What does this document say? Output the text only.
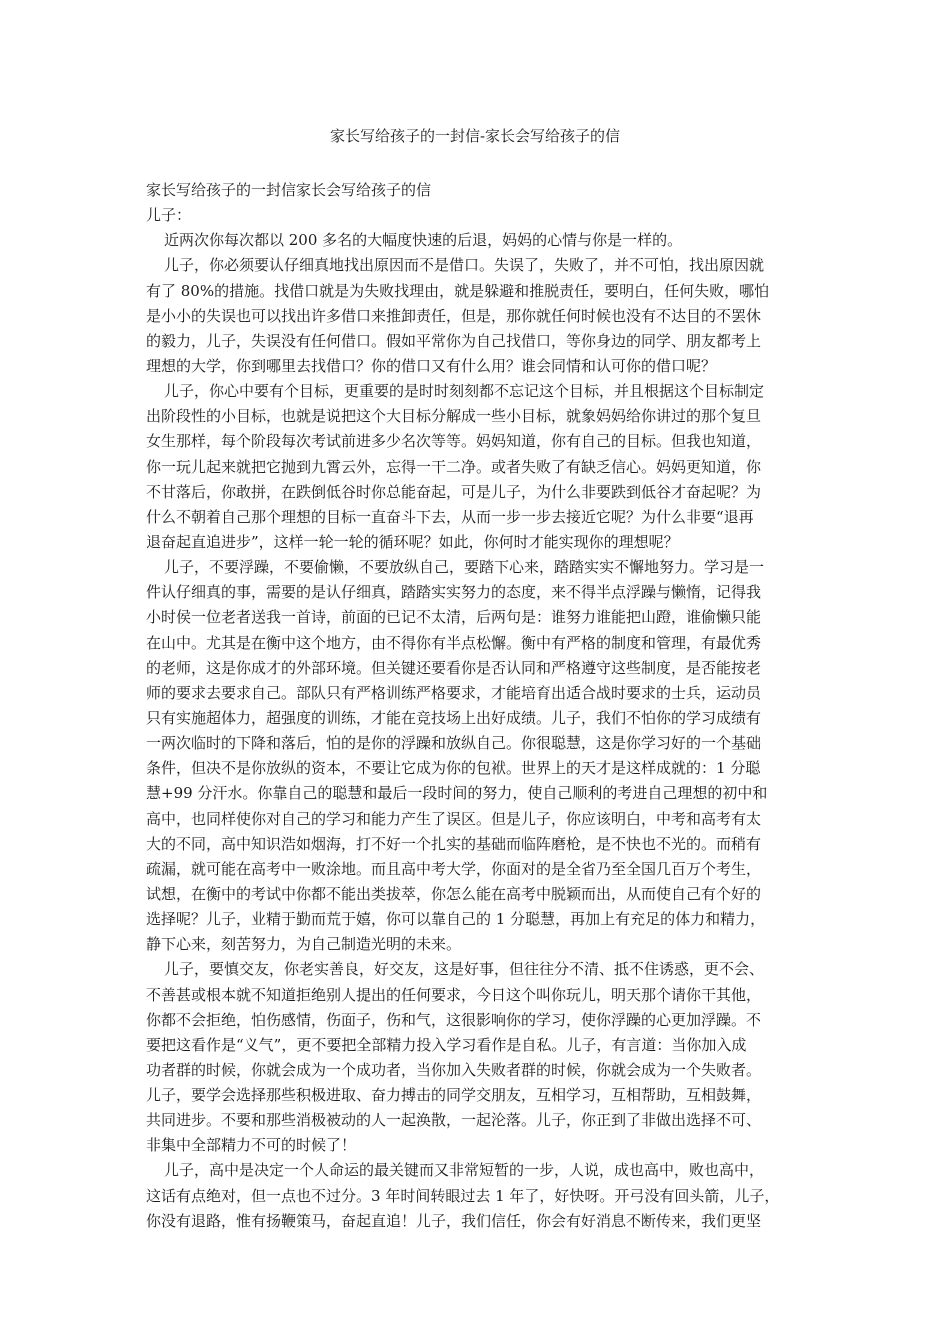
家长写给孩子的一封信-家长会写给孩子的信
家长写给孩子的一封信家长会写给孩子的信
儿子：
近两次你每次都以 200 多名的大幅度快速的后退，妈妈的心情与你是一样的。
儿子，你必须要认仔细真地找出原因而不是借口。失误了，失败了，并不可怕，找出原因就
有了 80%的措施。找借口就是为失败找理由，就是躲避和推脱责任，要明白，任何失败，哪怕
是小小的失误也可以找出许多借口来推卸责任，但是，那你就任何时候也没有不达目的不罢休
的毅力，儿子，失误没有任何借口。假如平常你为自己找借口，等你身边的同学、朋友都考上
理想的大学，你到哪里去找借口？你的借口又有什么用？谁会同情和认可你的借口呢？
儿子，你心中要有个目标，更重要的是时时刻刻都不忘记这个目标，并且根据这个目标制定
出阶段性的小目标，也就是说把这个大目标分解成一些小目标，就象妈妈给你讲过的那个复旦
女生那样，每个阶段每次考试前进多少名次等等。妈妈知道，你有自己的目标。但我也知道，
你一玩儿起来就把它抛到九霄云外，忘得一干二净。或者失败了有缺乏信心。妈妈更知道，你
不甘落后，你敢拼，在跌倒低谷时你总能奋起，可是儿子，为什么非要跌到低谷才奋起呢？为
什么不朝着自己那个理想的目标一直奋斗下去，从而一步一步去接近它呢？为什么非要“退再
退奋起直追进步”，这样一轮一轮的循环呢？如此，你何时才能实现你的理想呢？
儿子，不要浮躁，不要偷懒，不要放纵自己，要踏下心来，踏踏实实不懈地努力。学习是一
件认仔细真的事，需要的是认仔细真，踏踏实实努力的态度，来不得半点浮躁与懒惰，记得我
小时侯一位老者送我一首诗，前面的已记不太清，后两句是：谁努力谁能把山蹬，谁偷懒只能
在山中。尤其是在衡中这个地方，由不得你有半点松懈。衡中有严格的制度和管理，有最优秀
的老师，这是你成才的外部环境。但关键还要看你是否认同和严格遵守这些制度，是否能按老
师的要求去要求自己。部队只有严格训练严格要求，才能培育出适合战时要求的士兵，运动员
只有实施超体力，超强度的训练，才能在竞技场上出好成绩。儿子，我们不怕你的学习成绩有
一两次临时的下降和落后，怕的是你的浮躁和放纵自己。你很聪慧，这是你学习好的一个基础
条件，但决不是你放纵的资本，不要让它成为你的包袱。世界上的天才是这样成就的：1 分聪
慧+99 分汗水。你靠自己的聪慧和最后一段时间的努力，使自己顺利的考进自己理想的初中和
高中，也同样使你对自己的学习和能力产生了误区。但是儿子，你应该明白，中考和高考有太
大的不同，高中知识浩如烟海，打不好一个扎实的基础而临阵磨枪，是不快也不光的。而稍有
疏漏，就可能在高考中一败涂地。而且高中考大学，你面对的是全省乃至全国几百万个考生，
试想，在衡中的考试中你都不能出类拔萃，你怎么能在高考中脱颖而出，从而使自己有个好的
选择呢？儿子，业精于勤而荒于嬉，你可以靠自己的 1 分聪慧，再加上有充足的体力和精力，
静下心来，刻苦努力，为自己制造光明的未来。
儿子，要慎交友，你老实善良，好交友，这是好事，但往往分不清、抵不住诱惑，更不会、
不善甚或根本就不知道拒绝别人提出的任何要求，今日这个叫你玩儿，明天那个请你干其他，
你都不会拒绝，怕伤感情，伤面子，伤和气，这很影响你的学习，使你浮躁的心更加浮躁。不
要把这看作是“义气”，更不要把全部精力投入学习看作是自私。儿子，有言道：当你加入成
功者群的时候，你就会成为一个成功者，当你加入失败者群的时候，你就会成为一个失败者。
儿子，要学会选择那些积极进取、奋力搏击的同学交朋友，互相学习，互相帮助，互相鼓舞，
共同进步。不要和那些消极被动的人一起涣散，一起沦落。儿子，你正到了非做出选择不可、
非集中全部精力不可的时候了！
儿子，高中是决定一个人命运的最关键而又非常短暂的一步，人说，成也高中，败也高中，
这话有点绝对，但一点也不过分。3 年时间转眼过去 1 年了，好快呀。开弓没有回头箭，儿子，
你没有退路，惟有扬鞭策马，奋起直追！儿子，我们信任，你会有好消息不断传来，我们更坚
